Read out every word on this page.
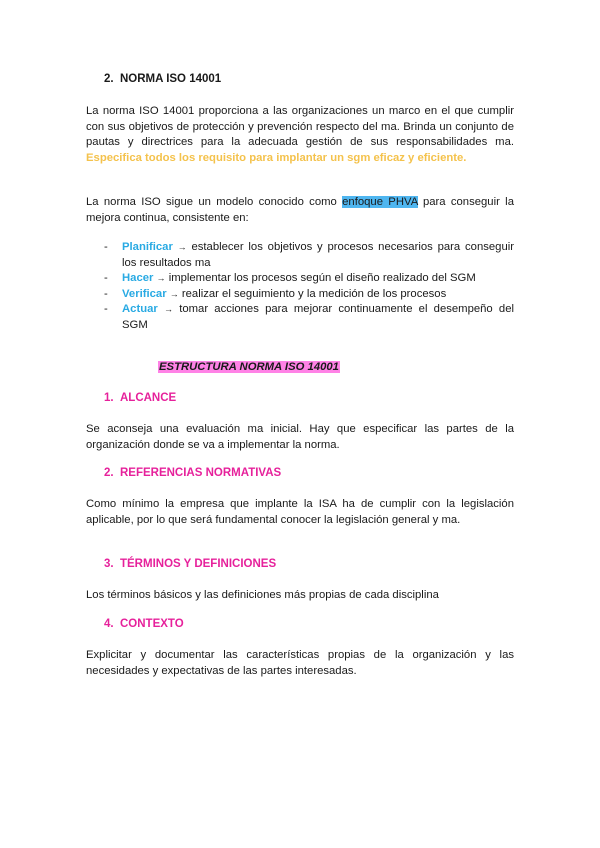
2. NORMA ISO 14001
La norma ISO 14001 proporciona a las organizaciones un marco en el que cumplir con sus objetivos de protección y prevención respecto del ma. Brinda un conjunto de pautas y directrices para la adecuada gestión de sus responsabilidades ma. Especifica todos los requisito para implantar un sgm eficaz y eficiente.
La norma ISO sigue un modelo conocido como enfoque PHVA para conseguir la mejora continua, consistente en:
- Planificar → establecer los objetivos y procesos necesarios para conseguir los resultados ma
- Hacer → implementar los procesos según el diseño realizado del SGM
- Verificar → realizar el seguimiento y la medición de los procesos
- Actuar → tomar acciones para mejorar continuamente el desempeño del SGM
ESTRUCTURA NORMA ISO 14001
1. ALCANCE
Se aconseja una evaluación ma inicial. Hay que especificar las partes de la organización donde se va a implementar la norma.
2. REFERENCIAS NORMATIVAS
Como mínimo la empresa que implante la ISA ha de cumplir con la legislación aplicable, por lo que será fundamental conocer la legislación general y ma.
3. TÉRMINOS Y DEFINICIONES
Los términos básicos y las definiciones más propias de cada disciplina
4. CONTEXTO
Explicitar y documentar las características propias de la organización y las necesidades y expectativas de las partes interesadas.
